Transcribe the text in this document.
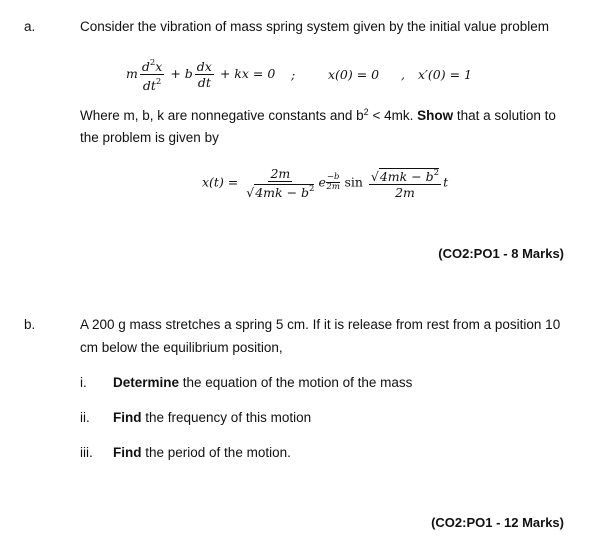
a.	Consider the vibration of mass spring system given by the initial value problem
m $\frac{d^2x}{dt^2} + b \frac{dx}{dt}$ + kx = 0 ;	x(0) = 0 , x′(0) = 1
Where m, b, k are nonnegative constants and $b^2 < 4mk$. Show that a solution to
the problem is given by
$x(t) = \frac{2m}{√4mk - b^2}$ e $\frac{-b}{2m}$ $\sin \frac{√4mk - b^2}{2m}$ t
(CO2:PO1 - 8 Marks)
b.	A 200 g mass stretches a spring 5 cm. If it is release from rest from a position 10
cm below the equilibrium position,
i. Determine the equation of the motion of the mass
ii. Find the frequency of this motion
iii. Find the period of the motion.
(CO2:PO1 - 12 Marks)
